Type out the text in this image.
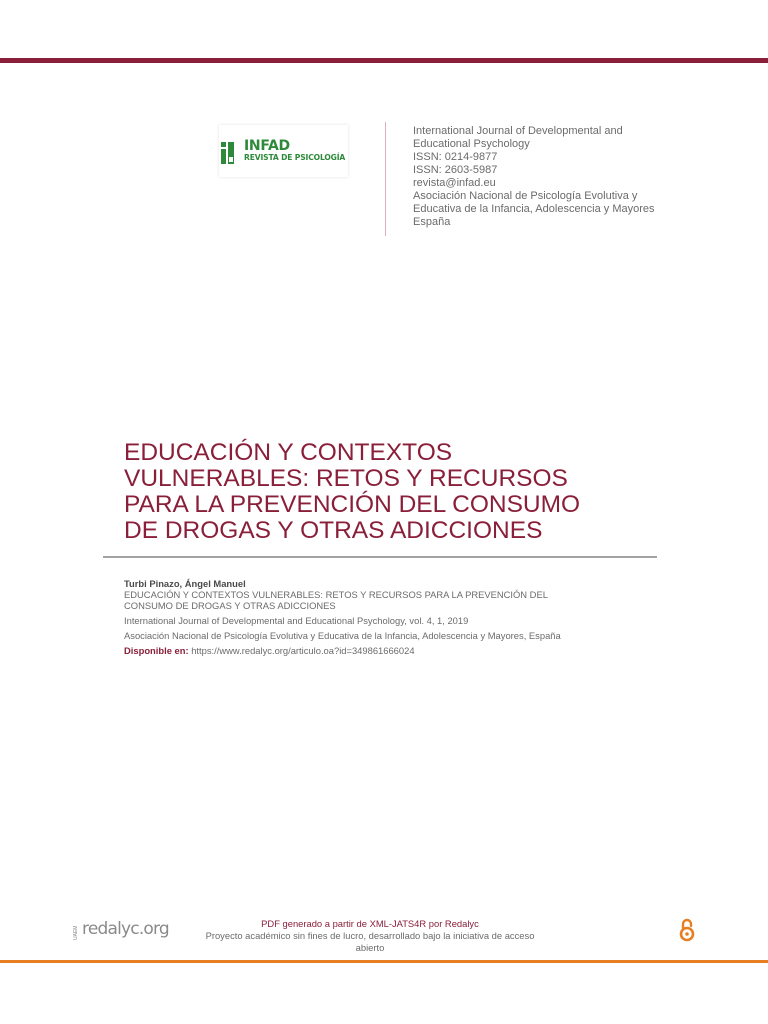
INFAD
REVISTA DE PSICOLOGÍA
International Journal of Developmental and
Educational Psychology
ISSN: 0214-9877
ISSN: 2603-5987
revista@infad.eu
Asociación Nacional de Psicología Evolutiva y
Educativa de la Infancia, Adolescencia y Mayores
España
EDUCACIÓN Y CONTEXTOS
VULNERABLES: RETOS Y RECURSOS
PARA LA PREVENCIÓN DEL CONSUMO
DE DROGAS Y OTRAS ADICCIONES
Turbi Pinazo, Ángel Manuel
EDUCACIÓN Y CONTEXTOS VULNERABLES: RETOS Y RECURSOS PARA LA PREVENCIÓN DEL
CONSUMO DE DROGAS Y OTRAS ADICCIONES
International Journal of Developmental and Educational Psychology, vol. 4, 1, 2019
Asociación Nacional de Psicología Evolutiva y Educativa de la Infancia, Adolescencia y Mayores, España
Disponible en: https://www.redalyc.org/articulo.oa?id=349861666024
UAEM redalyc.org	PDF generado a partir de XML-JATS4R por Redalyc
Proyecto académico sin fines de lucro, desarrollado bajo la iniciativa de acceso abierto
